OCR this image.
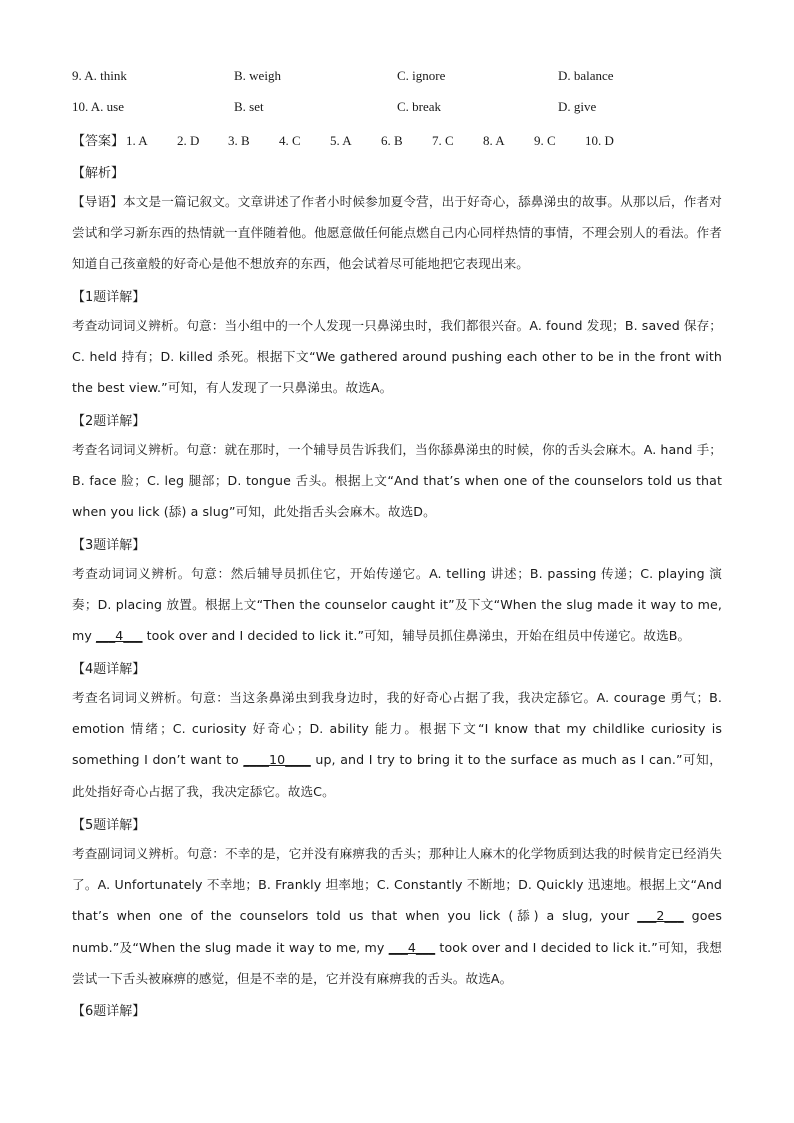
9. A. think	B. weigh	C. ignore	D. balance
10. A. use	B. set	C. break	D. give
【答案】 1. A 2. D 3. B 4. C 5. A 6. B 7. C 8. A 9. C 10. D
【解析】

【导语】本文是一篇记叙文。文章讲述了作者小时候参加夏令营，出于好奇心，舔鼻涕虫的故事。从那以后，作者对尝试和学习新东西的热情就一直伴随着他。他愿意做任何能点燃自己内心同样热情的事情，不理会别人的看法。作者知道自己孩童般的好奇心是他不想放弃的东西，他会试着尽可能地把它表现出来。

【1题详解】

考查动词词义辨析。句意：当小组中的一个人发现一只鼻涕虫时，我们都很兴奋。A. found 发现；B. saved 保存；C. held 持有；D. killed 杀死。根据下文“We gathered around pushing each other to be in the front with the best view.”可知，有人发现了一只鼻涕虫。故选A。

【2题详解】

考查名词词义辨析。句意：就在那时，一个辅导员告诉我们，当你舔鼻涕虫的时候，你的舌头会麻木。A. hand 手；B. face 脸；C. leg 腿部；D. tongue 舌头。根据上文“And that’s when one of the counselors told us that when you lick (舔) a slug”可知，此处指舌头会麻木。故选D。

【3题详解】

考查动词词义辨析。句意：然后辅导员抓住它，开始传递它。A. telling 讲述；B. passing 传递；C. playing 演奏；D. placing 放置。根据上文“Then the counselor caught it”及下文“When the slug made it way to me, my ___4___ took over and I decided to lick it.”可知，辅导员抓住鼻涕虫，开始在组员中传递它。故选B。

【4题详解】

考查名词词义辨析。句意：当这条鼻涕虫到我身边时，我的好奇心占据了我，我决定舔它。A. courage 勇气；B. emotion 情绪；C. curiosity 好奇心；D. ability 能力。根据下文“I know that my childlike curiosity is something I don’t want to ____10____ up, and I try to bring it to the surface as much as I can.”可知，此处指好奇心占据了我，我决定舔它。故选C。

【5题详解】

考查副词词义辨析。句意：不幸的是，它并没有麻痹我的舌头；那种让人麻木的化学物质到达我的时候肯定已经消失了。A. Unfortunately 不幸地；B. Frankly 坦率地；C. Constantly 不断地；D. Quickly 迅速地。根据上文“And that’s when one of the counselors told us that when you lick (舔) a slug, your ___2___ goes numb.”及“When the slug made it way to me, my ___4___ took over and I decided to lick it.”可知，我想尝试一下舌头被麻痹的感觉，但是不幸的是，它并没有麻痹我的舌头。故选A。

【6题详解】
